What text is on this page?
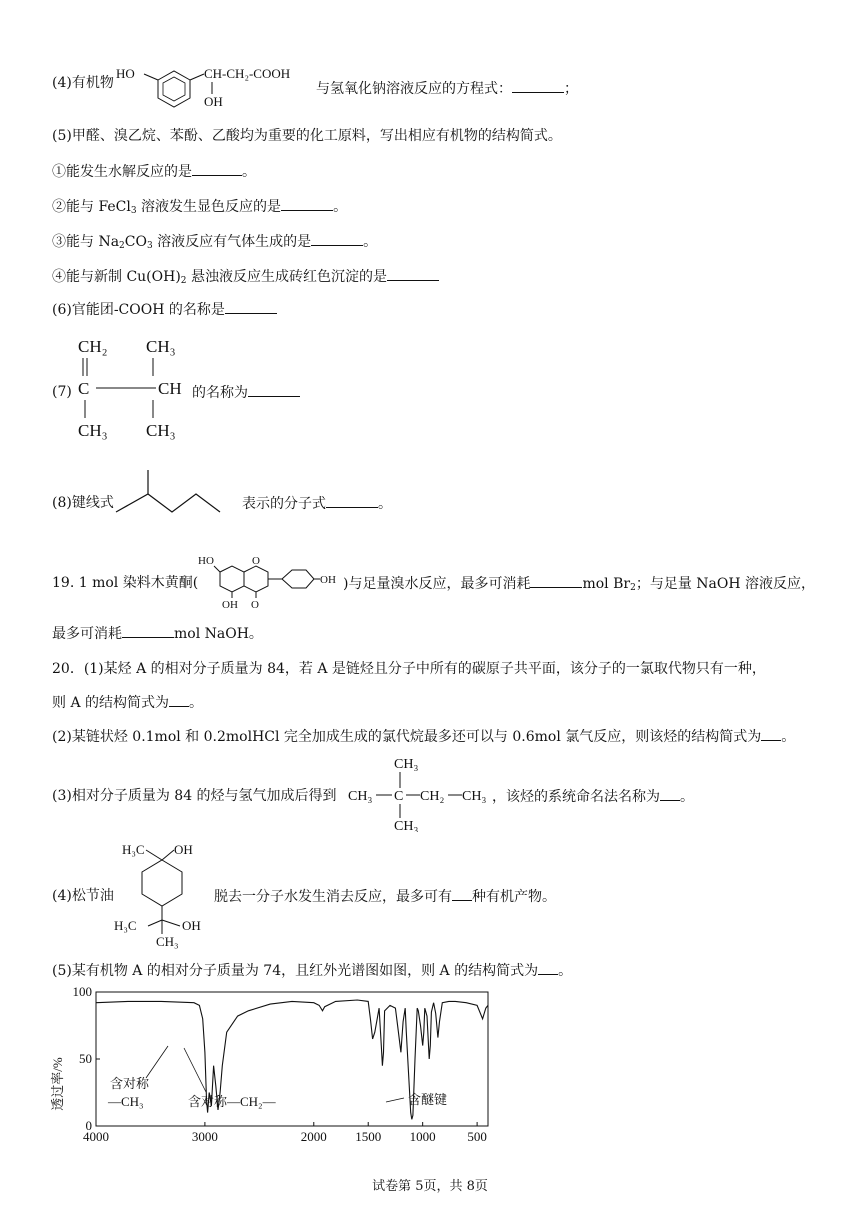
(4)有机物
HO	CH-CH₂-COOH
OH
与氢氧化钠溶液反应的方程式：	；
(5)甲醛、溴乙烷、苯酚、乙酸均为重要的化工原料，写出相应有机物的结构简式。
①能发生水解反应的是	。
②能与 FeCl$_3$ 溶液发生显色反应的是	。
③能与 $Na_2CO_3$ 溶液反应有气体生成的是	。
④能与新制 $Cu(OH)_2$ 悬浊液反应生成砖红色沉淀的是
(6)官能团-COOH 的名称是
(7)
CH₂
C
CH₃
CH₃
CH
CH₃
的名称为
(8)键线式	表示的分子式	。
19. 1 mol 染料木黄酮(
HO	O
O
OH
OH )与足量溴水反应，最多可消耗	mol $Br_2$；与足量 NaOH 溶液反应，
最多可消耗	mol NaOH。
20．(1)某烃 A 的相对分子质量为 84，若 A 是链烃且分子中所有的碳原子共平面，该分子的一氯取代物只有一种，
则 A 的结构简式为 。
(2)某链状烃 0.1mol 和 0.2molHCl 完全加成生成的氯代烷最多还可以与 0.6mol 氯气反应，则该烃的结构简式为 。
(3)相对分子质量为 84 的烃与氢气加成后得到
CH₃
CH₃ C CH₂ CH₃
CH₃
，该烃的系统命名法名称为 。
(4)松节油
H₃C OH
H₃C	OH
CH₃
脱去一分子水发生消去反应，最多可有 种有机产物。
(5)某有机物 A 的相对分子质量为 74，且红外光谱图如图，则 A 的结构简式为 。
4000	3000	2000 1500 1000 500
100
50
0
透过率/%	含对称
—CH₃	含对称—CH₂—	含醚键
试卷第 5页，共 8页
